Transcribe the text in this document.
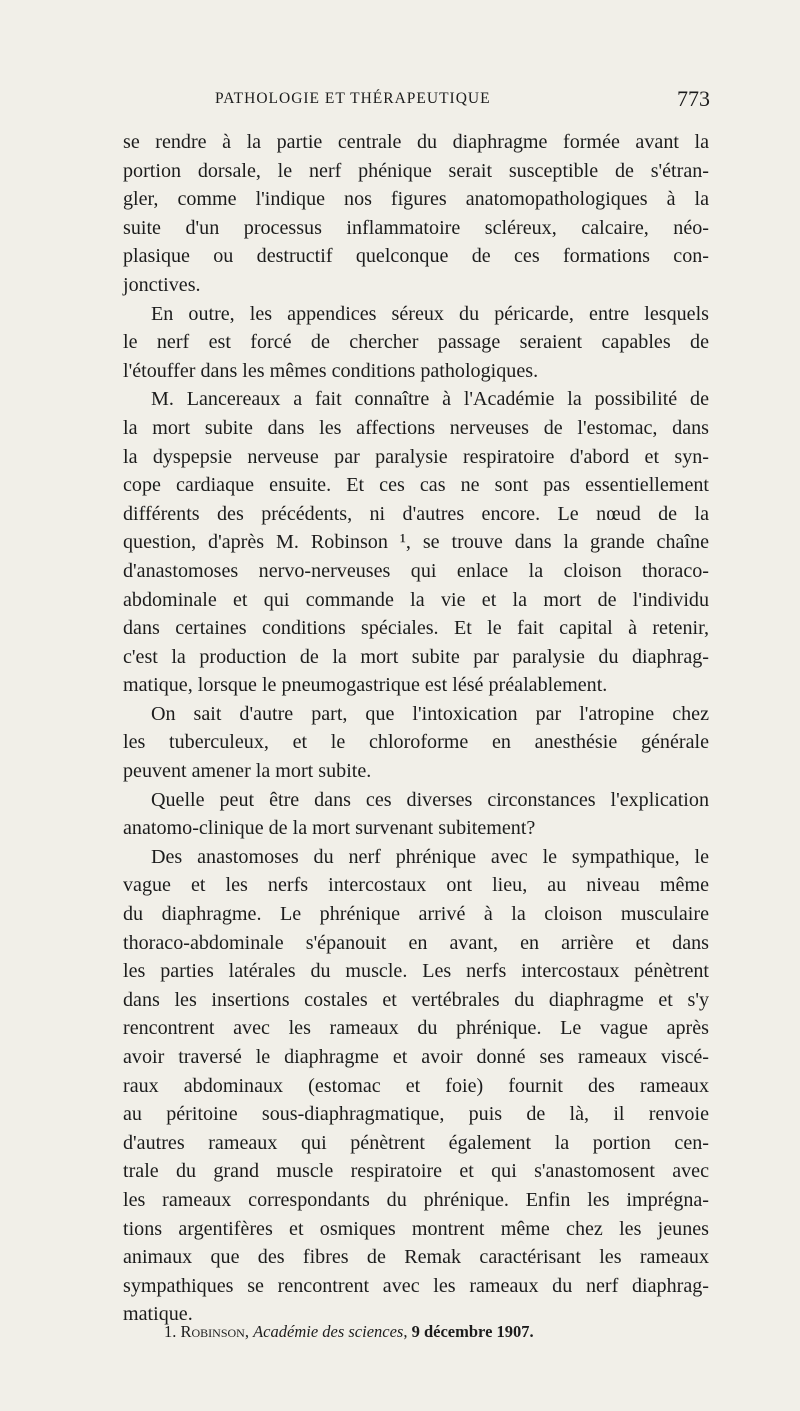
PATHOLOGIE ET THÉRAPEUTIQUE	773
se rendre à la partie centrale du diaphragme formée avant la
portion dorsale, le nerf phénique serait susceptible de s'étran-
gler, comme l'indique nos figures anatomopathologiques à la
suite d'un processus inflammatoire scléreux, calcaire, néo-
plasique ou destructif quelconque de ces formations con-
jonctives.
En outre, les appendices séreux du péricarde, entre lesquels
le nerf est forcé de chercher passage seraient capables de
l'étouffer dans les mêmes conditions pathologiques.
M. Lancereaux a fait connaître à l'Académie la possibilité de
la mort subite dans les affections nerveuses de l'estomac, dans
la dyspepsie nerveuse par paralysie respiratoire d'abord et syn-
cope cardiaque ensuite. Et ces cas ne sont pas essentiellement
différents des précédents, ni d'autres encore. Le nœud de la
question, d'après M. Robinson ¹, se trouve dans la grande chaîne
d'anastomoses nervo-nerveuses qui enlace la cloison thoraco-
abdominale et qui commande la vie et la mort de l'individu
dans certaines conditions spéciales. Et le fait capital à retenir,
c'est la production de la mort subite par paralysie du diaphrag-
matique, lorsque le pneumogastrique est lésé préalablement.
On sait d'autre part, que l'intoxication par l'atropine chez
les tuberculeux, et le chloroforme en anesthésie générale
peuvent amener la mort subite.
Quelle peut être dans ces diverses circonstances l'explication
anatomo-clinique de la mort survenant subitement?
Des anastomoses du nerf phrénique avec le sympathique, le
vague et les nerfs intercostaux ont lieu, au niveau même
du diaphragme. Le phrénique arrivé à la cloison musculaire
thoraco-abdominale s'épanouit en avant, en arrière et dans
les parties latérales du muscle. Les nerfs intercostaux pénètrent
dans les insertions costales et vertébrales du diaphragme et s'y
rencontrent avec les rameaux du phrénique. Le vague après
avoir traversé le diaphragme et avoir donné ses rameaux viscé-
raux abdominaux (estomac et foie) fournit des rameaux
au péritoine sous-diaphragmatique, puis de là, il renvoie
d'autres rameaux qui pénètrent également la portion cen-
trale du grand muscle respiratoire et qui s'anastomosent avec
les rameaux correspondants du phrénique. Enfin les imprégna-
tions argentifères et osmiques montrent même chez les jeunes
animaux que des fibres de Remak caractérisant les rameaux
sympathiques se rencontrent avec les rameaux du nerf diaphrag-
matique.
1. Robinson, Académie des sciences, 9 décembre 1907.
